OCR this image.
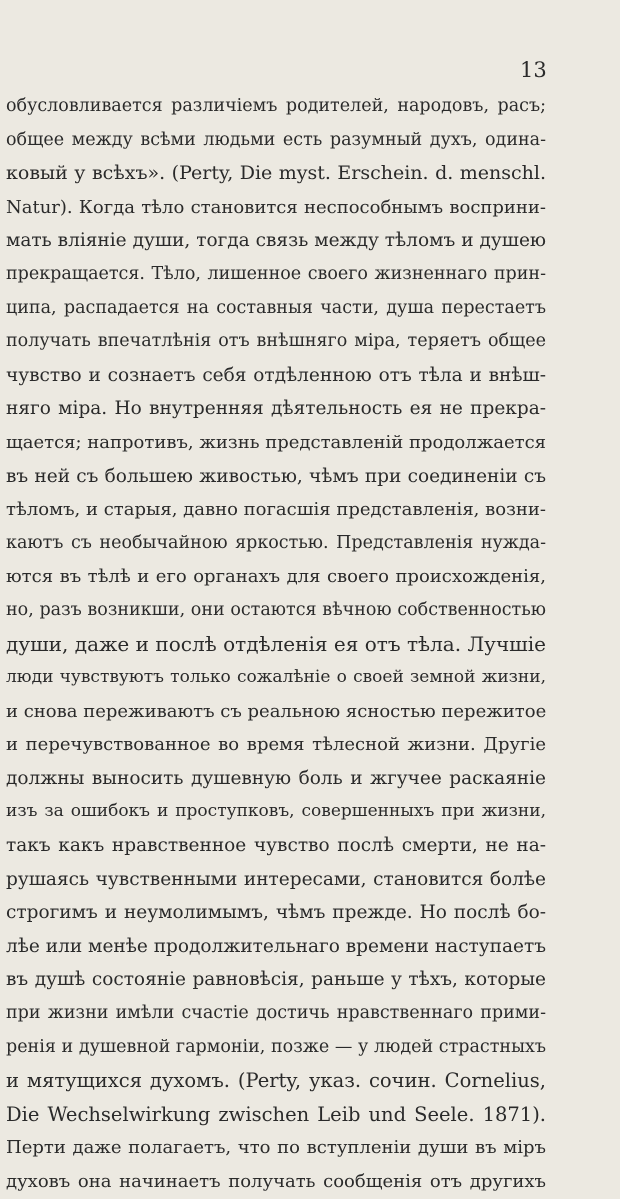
13

обусловливается различіемъ родителей, народовъ, расъ;
общее между всѣми людьми есть разумный духъ, одина-
ковый у всѣхъ». (Perty, Die myst. Erschein. d. menschl.
Natur). Когда тѣло становится неспособнымъ восприни-
мать вліяніе души, тогда связь между тѣломъ и душею
прекращается. Тѣло, лишенное своего жизненнаго прин-
ципа, распадается на составныя части, душа перестаетъ
получать впечатлѣнія отъ внѣшняго міра, теряетъ общее
чувство и сознаетъ себя отдѣленною отъ тѣла и внѣш-
няго міра. Но внутренняя дѣятельность ея не прекра-
щается; напротивъ, жизнь представленій продолжается
въ ней съ большею живостью, чѣмъ при соединеніи съ
тѣломъ, и старыя, давно погасшія представленія, возни-
каютъ съ необычайною яркостью. Представленія нужда-
ются въ тѣлѣ и его органахъ для своего происхожденія,
но, разъ возникши, они остаются вѣчною собственностью
души, даже и послѣ отдѣленія ея отъ тѣла. Лучшіе
люди чувствуютъ только сожалѣніе о своей земной жизни,
и снова переживаютъ съ реальною ясностью пережитое
и перечувствованное во время тѣлесной жизни. Другіе
должны выносить душевную боль и жгучее раскаяніе
изъ за ошибокъ и проступковъ, совершенныхъ при жизни,
такъ какъ нравственное чувство послѣ смерти, не на-
рушаясь чувственными интересами, становится болѣе
строгимъ и неумолимымъ, чѣмъ прежде. Но послѣ бо-
лѣе или менѣе продолжительнаго времени наступаетъ
въ душѣ состояніе равновѣсія, раньше у тѣхъ, которые
при жизни имѣли счастіе достичь нравственнаго прими-
ренія и душевной гармоніи, позже — у людей страстныхъ
и мятущихся духомъ. (Perty, указ. сочин. Cornelius,
Die Wechselwirkung zwischen Leib und Seele. 1871).
Перти даже полагаетъ, что по вступленіи души въ міръ
духовъ она начинаетъ получать сообщенія отъ другихъ
